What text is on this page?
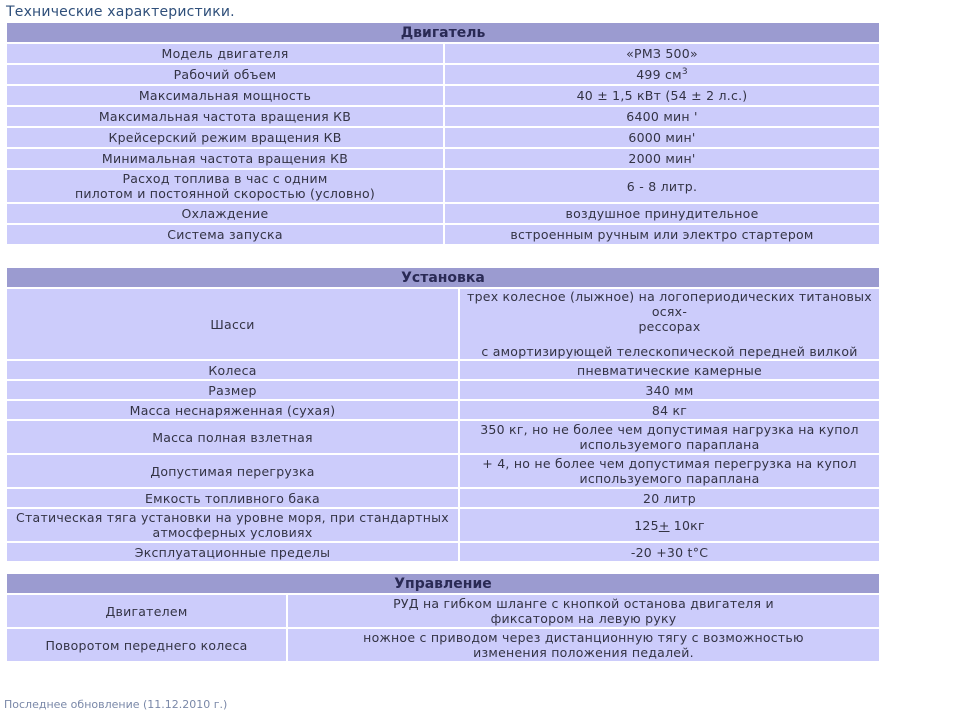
Технические характеристики.
Двигатель	
Модель двигателя	«РМЗ 500»
Рабочий объем	499 $см^3$
Максимальная мощность	40 ± 1,5 кВт (54 ± 2 л.с.)
Максимальная частота вращения КВ	6400 мин '
Крейсерский режим вращения КВ	6000 мин'
Минимальная частота вращения КВ	2000 мин'
Расход топлива в час с одним
пилотом и постоянной скоростью (условно)	6 - 8 литр.
Охлаждение	воздушное принудительное
Система запуска	встроенным ручным или электро стартером
Установка	
Шасси	трех колесное (лыжное) на логопериодических титановых осях-
рессорах

с амортизирующей телескопической передней вилкой
Колеса	пневматические камерные
Размер	340 мм
Масса неснаряженная (сухая)	84 кг
Масса полная взлетная	350 кг, но не более чем допустимая нагрузка на купол
используемого параплана
Допустимая перегрузка	+ 4, но не более чем допустимая перегрузка на купол
используемого параплана
Емкость топливного бака	20 литр
Статическая тяга установки на уровне моря, при стандартных
атмосферных условиях	125+ 10кг
Эксплуатационные пределы	-20 +30 t°С
Управление	
Двигателем	РУД на гибком шланге с кнопкой останова двигателя и
фиксатором на левую руку
Поворотом переднего колеса	ножное с приводом через дистанционную тягу с возможностью
изменения положения педалей.
Последнее обновление (11.12.2010 г.)
